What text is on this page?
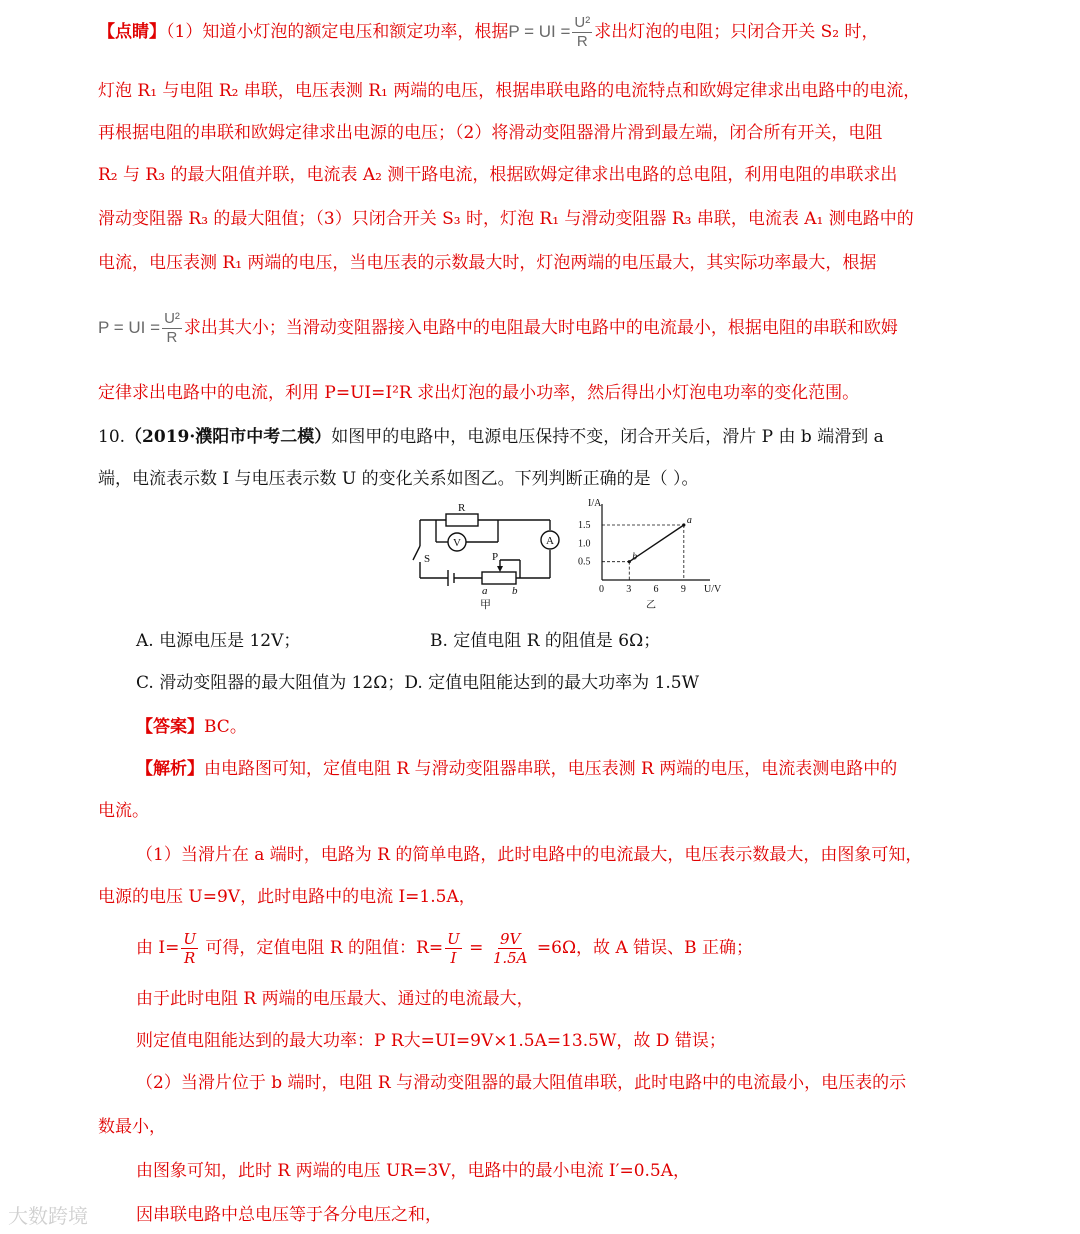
【点睛】（1）知道小灯泡的额定电压和额定功率，根据P = UI = $\frac{\text{U²}}{R}$ 求出灯泡的电阻；只闭合开关 S₂ 时，
灯泡 R₁ 与电阻 R₂ 串联，电压表测 R₁ 两端的电压，根据串联电路的电流特点和欧姆定律求出电路中的电流，
再根据电阻的串联和欧姆定律求出电源的电压；（2）将滑动变阻器滑片滑到最左端，闭合所有开关，电阻
R₂ 与 R₃ 的最大阻值并联，电流表 A₂ 测干路电流，根据欧姆定律求出电路的总电阻，利用电阻的串联求出
滑动变阻器 R₃ 的最大阻值；（3）只闭合开关 S₃ 时，灯泡 R₁ 与滑动变阻器 R₃ 串联，电流表 A₁ 测电路中的
电流，电压表测 R₁ 两端的电压，当电压表的示数最大时，灯泡两端的电压最大，其实际功率最大，根据
P = UI = $\frac{\text{U²}}{R}$ 求出其大小；当滑动变阻器接入电路中的电阻最大时电路中的电流最小，根据电阻的串联和欧姆
定律求出电路中的电流，利用 P=UI=I²R 求出灯泡的最小功率，然后得出小灯泡电功率的变化范围。
10.（2019·濮阳市中考二模）如图甲的电路中，电源电压保持不变，闭合开关后，滑片 P 由 b 端滑到 a
端，电流表示数 I 与电压表示数 U 的变化关系如图乙。下列判断正确的是（ ）。
R
V	A
S	P
a b
甲
U/V
I/A
0 3 6 9
0.5
1.0
1.5
b
a
乙
A. 电源电压是 12V；	B. 定值电阻 R 的阻值是 6Ω；
C. 滑动变阻器的最大阻值为 12Ω；D. 定值电阻能达到的最大功率为 1.5W
【答案】BC。
【解析】由电路图可知，定值电阻 R 与滑动变阻器串联，电压表测 R 两端的电压，电流表测电路中的
电流。
（1）当滑片在 a 端时，电路为 R 的简单电路，此时电路中的电流最大，电压表示数最大，由图象可知，
电源的电压 U=9V，此时电路中的电流 I=1.5A，
由 $I= \frac{U}{R}$ 可得，定值电阻 R 的阻值：$R= \frac{U}{I} = \frac{9V}{1.5A} =6\Omega$，故 A 错误、B 正确；
由于此时电阻 R 两端的电压最大、通过的电流最大，
则定值电阻能达到的最大功率：P R大=UI=9V×1.5A=13.5W，故 D 错误；
（2）当滑片位于 b 端时，电阻 R 与滑动变阻器的最大阻值串联，此时电路中的电流最小，电压表的示
数最小，
由图象可知，此时 R 两端的电压 UR=3V，电路中的最小电流 I′=0.5A，
因串联电路中总电压等于各分电压之和，
大数跨境
